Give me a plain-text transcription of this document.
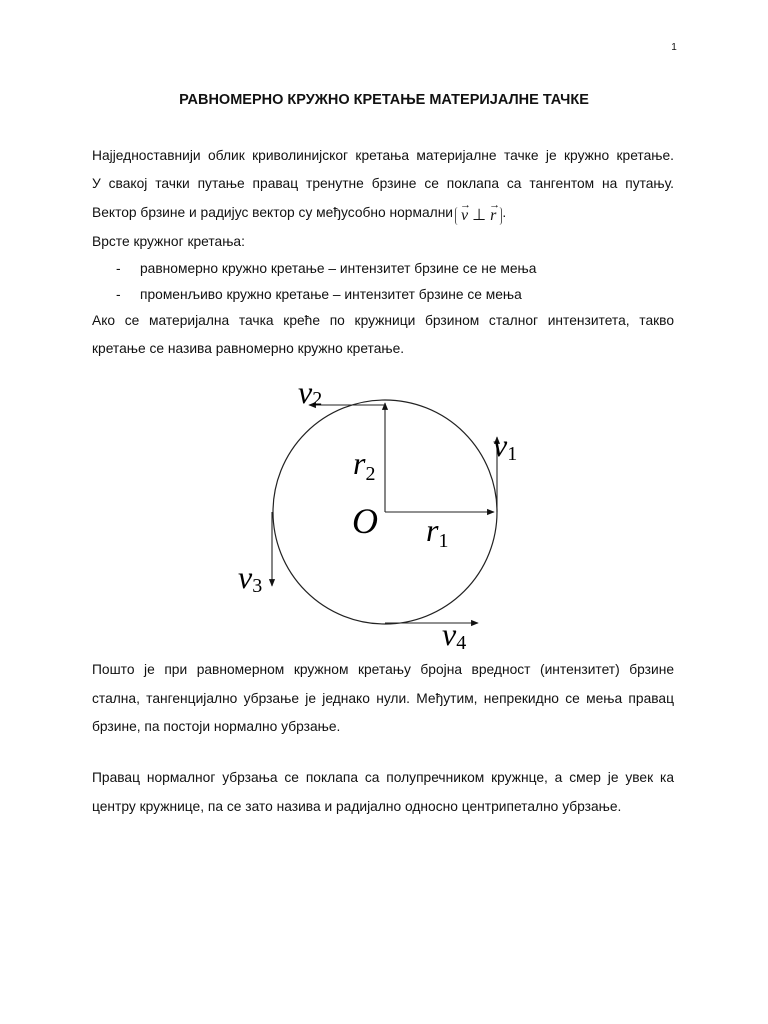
1
РАВНОМЕРНО КРУЖНО КРЕТАЊЕ МАТЕРИЈАЛНЕ ТАЧКЕ
Најједноставнији облик криволинијског кретања материјалне тачке је кружно кретање.
У свакој тачки путање правац тренутне брзине се поклапа са тангентом на путању.
Вектор брзине и радијус вектор су међусобно нормални → v ⊥ → r .
Врсте кружног кретања:
- равномерно кружно кретање – интензитет брзине се не мења
- променљиво кружно кретање – интензитет брзине се мења
Ако се материјална тачка креће по кружници брзином сталног интензитета, такво
кретање се назива равномерно кружно кретање.
O r1
r2
v1
v2
v3
v4
Пошто је при равномерном кружном кретању бројна вредност (интензитет) брзине
стална, тангенцијално убрзање је једнако нули. Међутим, непрекидно се мења правац
брзине, па постоји нормално убрзање.
Правац нормалног убрзања се поклапа са полупречником кружнце, а смер је увек ка
центру кружнице, па се зато назива и радијално односно центрипетално убрзање.
